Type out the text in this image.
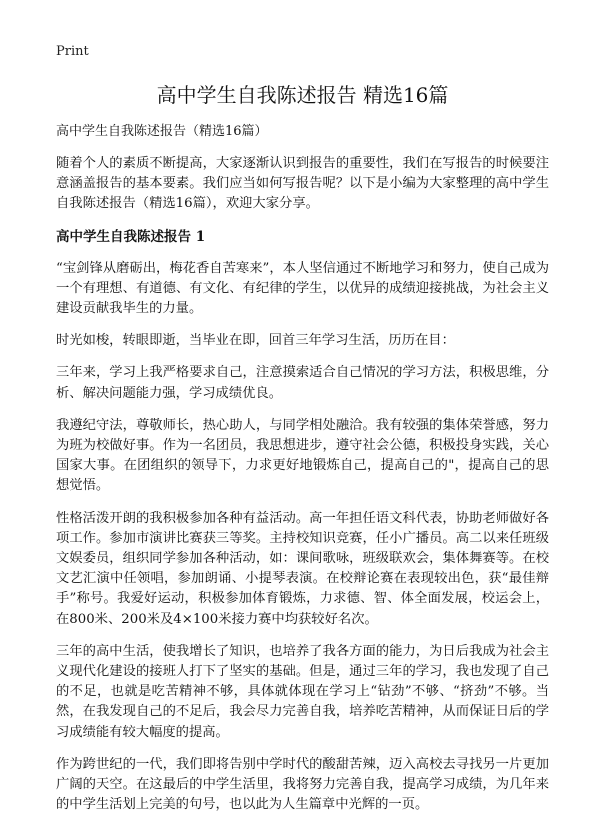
Print
高中学生自我陈述报告 精选16篇
高中学生自我陈述报告（精选16篇）

随着个人的素质不断提高，大家逐渐认识到报告的重要性，我们在写报告的时候要注意涵盖报告的基本要素。我们应当如何写报告呢？以下是小编为大家整理的高中学生自我陈述报告（精选16篇），欢迎大家分享。

高中学生自我陈述报告 1

“宝剑锋从磨砺出，梅花香自苦寒来”，本人坚信通过不断地学习和努力，使自己成为一个有理想、有道德、有文化、有纪律的学生，以优异的成绩迎接挑战，为社会主义建设贡献我毕生的力量。

时光如梭，转眼即逝，当毕业在即，回首三年学习生活，历历在目：

三年来，学习上我严格要求自己，注意摸索适合自己情况的学习方法，积极思维，分析、解决问题能力强，学习成绩优良。

我遵纪守法，尊敬师长，热心助人，与同学相处融洽。我有较强的集体荣誉感，努力为班为校做好事。作为一名团员，我思想进步，遵守社会公德，积极投身实践，关心国家大事。在团组织的领导下，力求更好地锻炼自己，提高自己的"，提高自己的思想觉悟。

性格活泼开朗的我积极参加各种有益活动。高一年担任语文科代表，协助老师做好各项工作。参加市演讲比赛获三等奖。主持校知识竞赛，任小广播员。高二以来任班级文娱委员，组织同学参加各种活动，如：课间歌咏，班级联欢会，集体舞赛等。在校文艺汇演中任领唱，参加朗诵、小提琴表演。在校辩论赛在表现较出色，获“最佳辩手”称号。我爱好运动，积极参加体育锻炼，力求德、智、体全面发展，校运会上，在800米、200米及4×100米接力赛中均获较好名次。

三年的高中生活，使我增长了知识，也培养了我各方面的能力，为日后我成为社会主义现代化建设的接班人打下了坚实的基础。但是，通过三年的学习，我也发现了自己的不足，也就是吃苦精神不够，具体就体现在学习上“钻劲”不够、“挤劲”不够。当然，在我发现自己的不足后，我会尽力完善自我，培养吃苦精神，从而保证日后的学习成绩能有较大幅度的提高。

作为跨世纪的一代，我们即将告别中学时代的酸甜苦辣，迈入高校去寻找另一片更加广阔的天空。在这最后的中学生活里，我将努力完善自我，提高学习成绩，为几年来的中学生活划上完美的句号，也以此为人生篇章中光辉的一页。
